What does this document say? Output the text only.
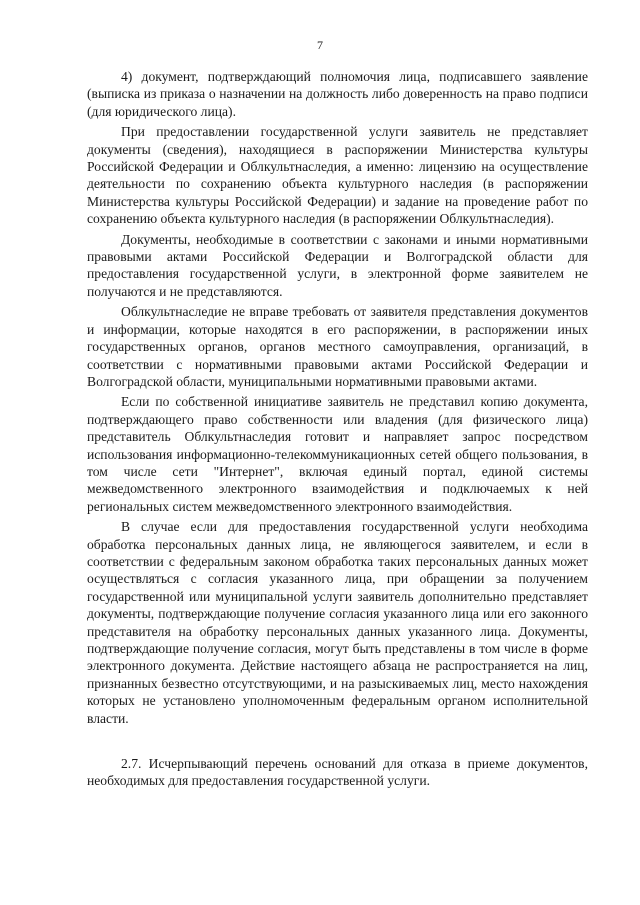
7

4) документ, подтверждающий полномочия лица, подписавшего заявление (выписка из приказа о назначении на должность либо доверенность на право подписи (для юридического лица).

При предоставлении государственной услуги заявитель не представляет документы (сведения), находящиеся в распоряжении Министерства культуры Российской Федерации и Облкультнаследия, а именно: лицензию на осуществление деятельности по сохранению объекта культурного наследия (в распоряжении Министерства культуры Российской Федерации) и задание на проведение работ по сохранению объекта культурного наследия (в распоряжении Облкультнаследия).

Документы, необходимые в соответствии с законами и иными нормативными правовыми актами Российской Федерации и Волгоградской области для предоставления государственной услуги, в электронной форме заявителем не получаются и не представляются.

Облкультнаследие не вправе требовать от заявителя представления документов и информации, которые находятся в его распоряжении, в распоряжении иных государственных органов, органов местного самоуправления, организаций, в соответствии с нормативными правовыми актами Российской Федерации и Волгоградской области, муниципальными нормативными правовыми актами.

Если по собственной инициативе заявитель не представил копию документа, подтверждающего право собственности или владения (для физического лица) представитель Облкультнаследия готовит и направляет запрос посредством использования информационно-телекоммуникационных сетей общего пользования, в том числе сети "Интернет", включая единый портал, единой системы межведомственного электронного взаимодействия и подключаемых к ней региональных систем межведомственного электронного взаимодействия.

В случае если для предоставления государственной услуги необходима обработка персональных данных лица, не являющегося заявителем, и если в соответствии с федеральным законом обработка таких персональных данных может осуществляться с согласия указанного лица, при обращении за получением государственной или муниципальной услуги заявитель дополнительно представляет документы, подтверждающие получение согласия указанного лица или его законного представителя на обработку персональных данных указанного лица. Документы, подтверждающие получение согласия, могут быть представлены в том числе в форме электронного документа. Действие настоящего абзаца не распространяется на лиц, признанных безвестно отсутствующими, и на разыскиваемых лиц, место нахождения которых не установлено уполномоченным федеральным органом исполнительной власти.

2.7. Исчерпывающий перечень оснований для отказа в приеме документов, необходимых для предоставления государственной услуги.
